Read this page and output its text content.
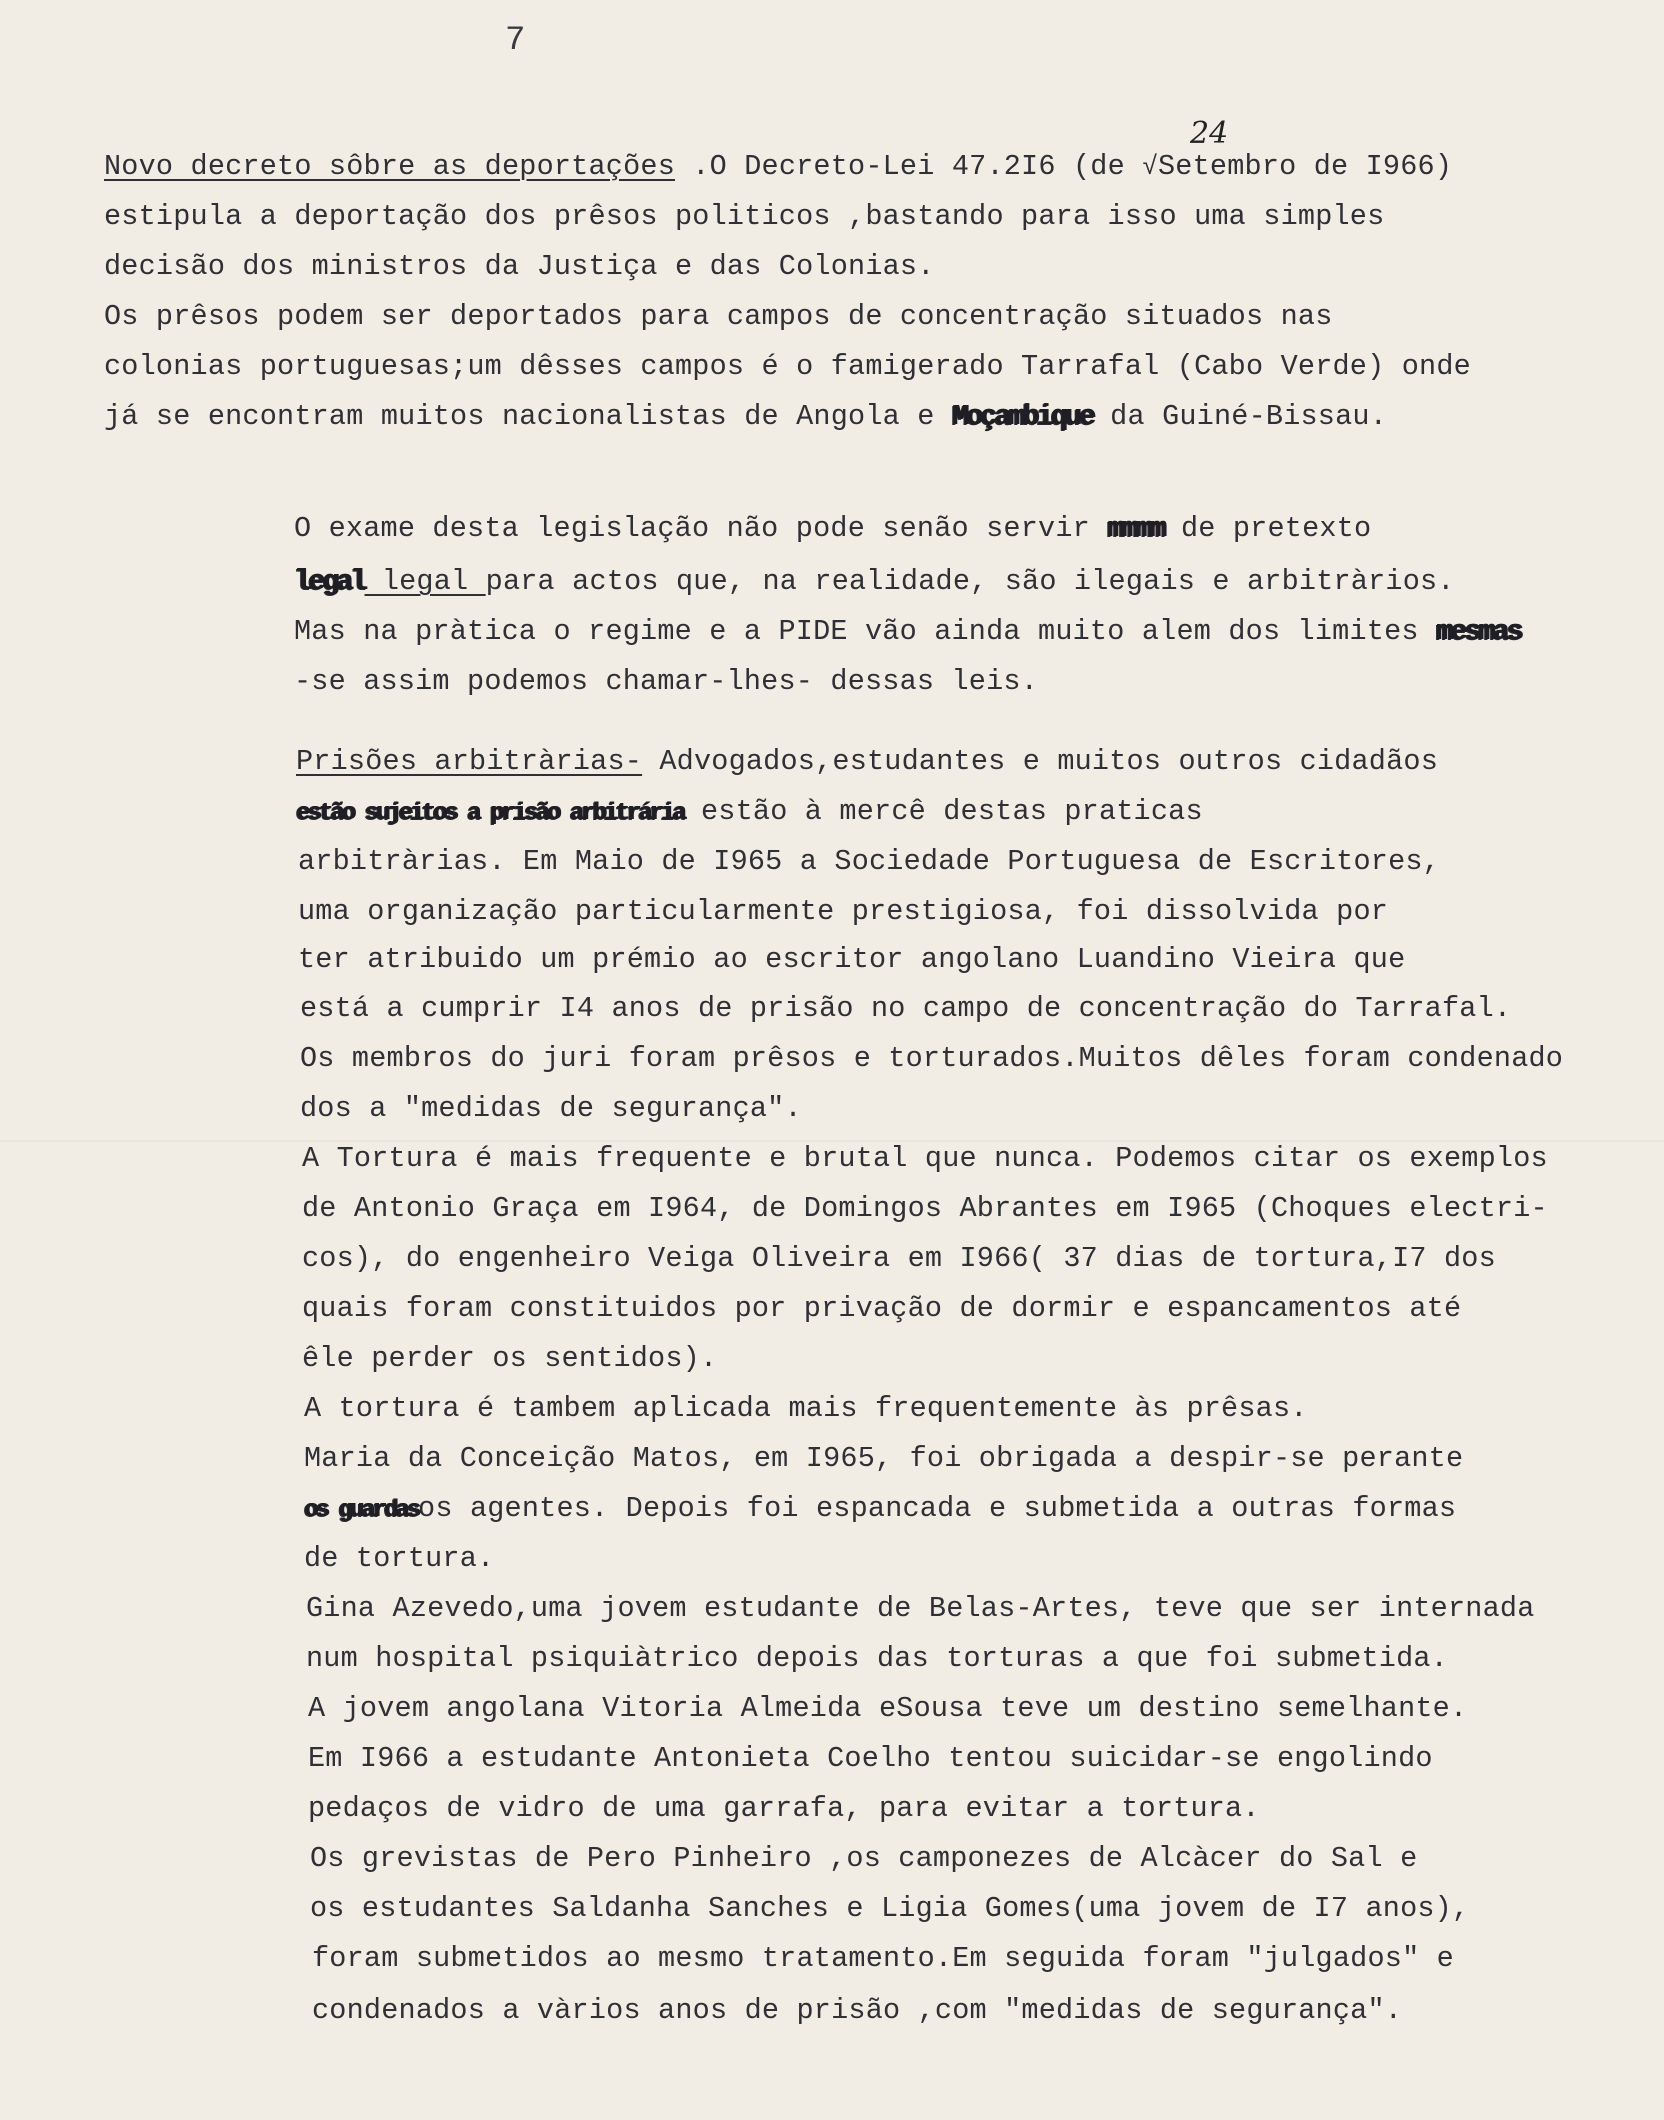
7
Novo decreto sôbre as deportações .O Decreto-Lei 47.2I6 (de √Setembro de I966)
24
estipula a deportação dos prêsos politicos ,bastando para isso uma simples
decisão dos ministros da Justiça e das Colonias.
Os prêsos podem ser deportados para campos de concentração situados nas
colonias portuguesas;um dêsses campos é o famigerado Tarrafal (Cabo Verde) onde
já se encontram muitos nacionalistas de Angola e Moçambique da Guiné-Bissau.
O exame desta legislação não pode senão servir mmmm de pretexto
legal legal para actos que, na realidade, são ilegais e arbitràrios.
Mas na pràtica o regime e a PIDE vão ainda muito alem dos limites mesmas
-se assim podemos chamar-lhes- dessas leis.
Prisões arbitràrias- Advogados,estudantes e muitos outros cidadãos
estão sujeitos a prisão arbitrária estão à mercê destas praticas
arbitràrias. Em Maio de I965 a Sociedade Portuguesa de Escritores,
uma organização particularmente prestigiosa, foi dissolvida por
ter atribuido um prémio ao escritor angolano Luandino Vieira que
está a cumprir I4 anos de prisão no campo de concentração do Tarrafal.
Os membros do juri foram prêsos e torturados.Muitos dêles foram condenado
dos a "medidas de segurança".
A Tortura é mais frequente e brutal que nunca. Podemos citar os exemplos
de Antonio Graça em I964, de Domingos Abrantes em I965 (Choques electri-
cos), do engenheiro Veiga Oliveira em I966( 37 dias de tortura,I7 dos
quais foram constituidos por privação de dormir e espancamentos até
êle perder os sentidos).
A tortura é tambem aplicada mais frequentemente às prêsas.
Maria da Conceição Matos, em I965, foi obrigada a despir-se perante
os guardasos agentes. Depois foi espancada e submetida a outras formas
de tortura.
Gina Azevedo,uma jovem estudante de Belas-Artes, teve que ser internada
num hospital psiquiàtrico depois das torturas a que foi submetida.
A jovem angolana Vitoria Almeida eSousa teve um destino semelhante.
Em I966 a estudante Antonieta Coelho tentou suicidar-se engolindo
pedaços de vidro de uma garrafa, para evitar a tortura.
Os grevistas de Pero Pinheiro ,os camponezes de Alcàcer do Sal e
os estudantes Saldanha Sanches e Ligia Gomes(uma jovem de I7 anos),
foram submetidos ao mesmo tratamento.Em seguida foram "julgados" e
condenados a vàrios anos de prisão ,com "medidas de segurança".
